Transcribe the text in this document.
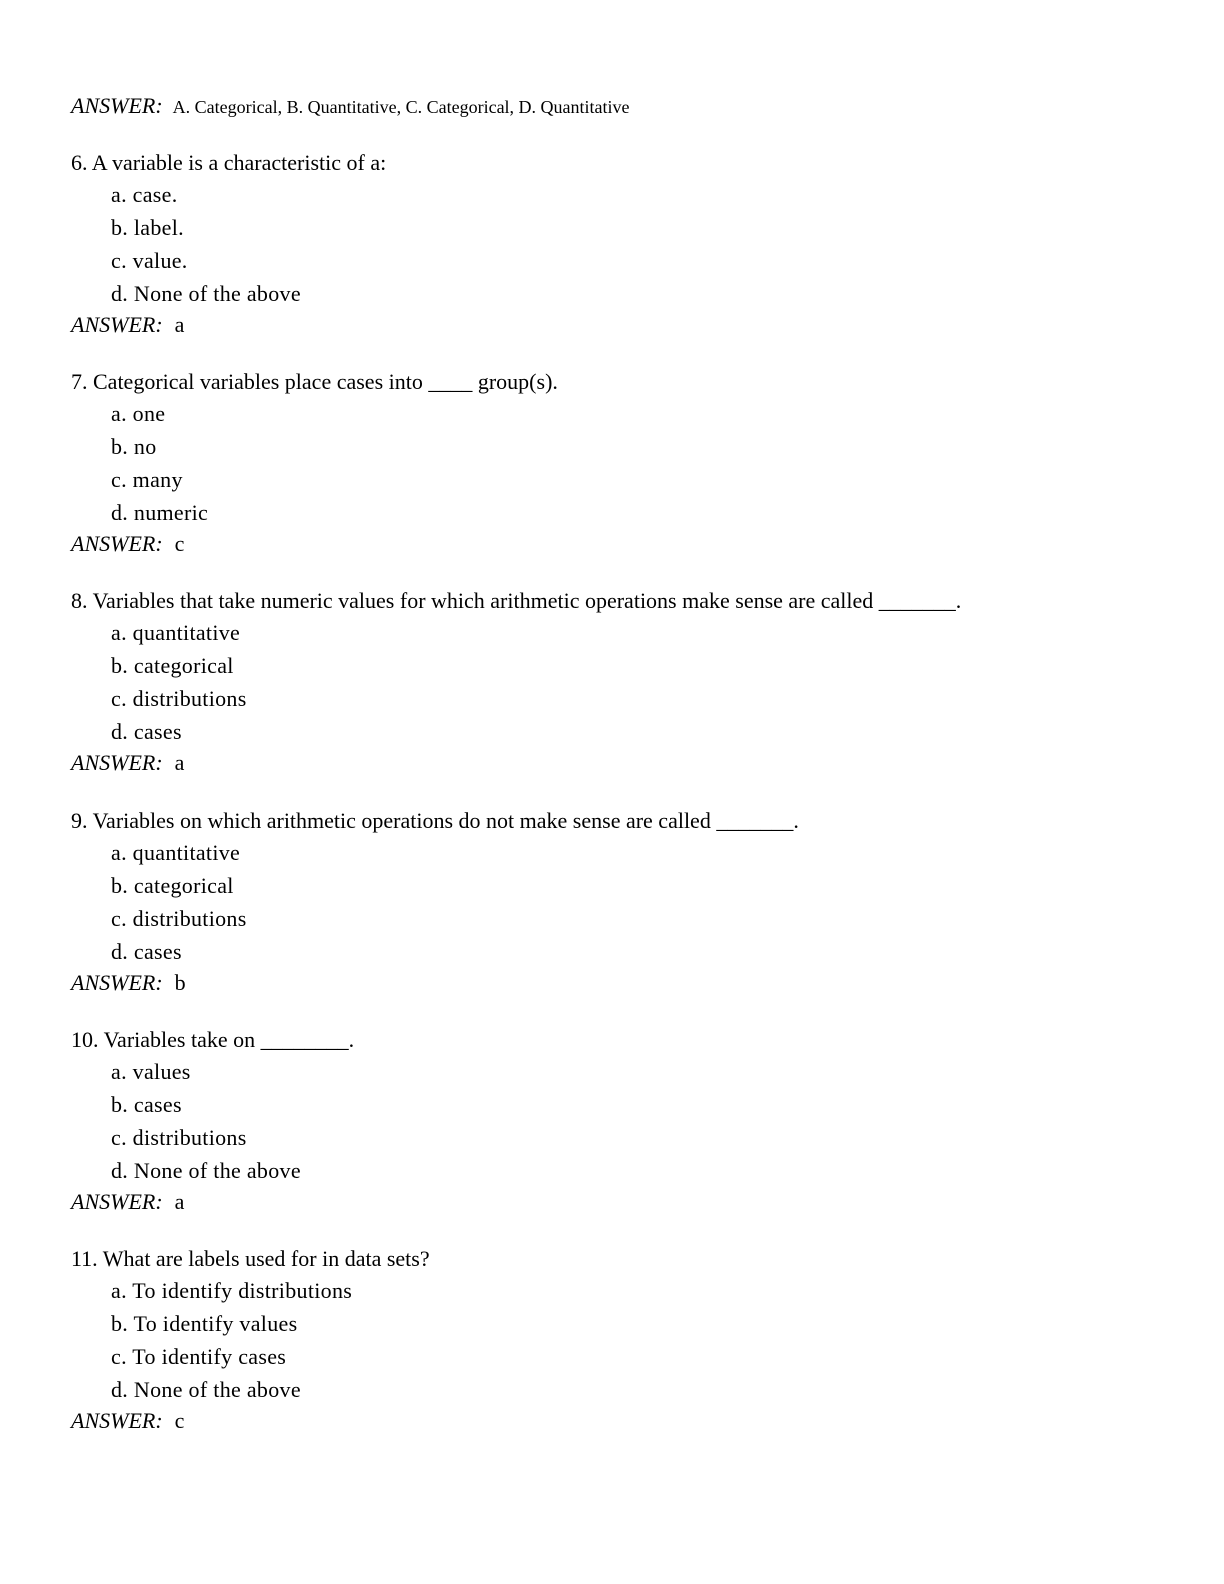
ANSWER: A. Categorical, B. Quantitative, C. Categorical, D. Quantitative
6. A variable is a characteristic of a:
a. case.
b. label.
c. value.
d. None of the above
ANSWER: a
7. Categorical variables place cases into ____ group(s).
a. one
b. no
c. many
d. numeric
ANSWER: c
8. Variables that take numeric values for which arithmetic operations make sense are called _______.
a. quantitative
b. categorical
c. distributions
d. cases
ANSWER: a
9. Variables on which arithmetic operations do not make sense are called _______.
a. quantitative
b. categorical
c. distributions
d. cases
ANSWER: b
10. Variables take on ________.
a. values
b. cases
c. distributions
d. None of the above
ANSWER: a
11. What are labels used for in data sets?
a. To identify distributions
b. To identify values
c. To identify cases
d. None of the above
ANSWER: c
